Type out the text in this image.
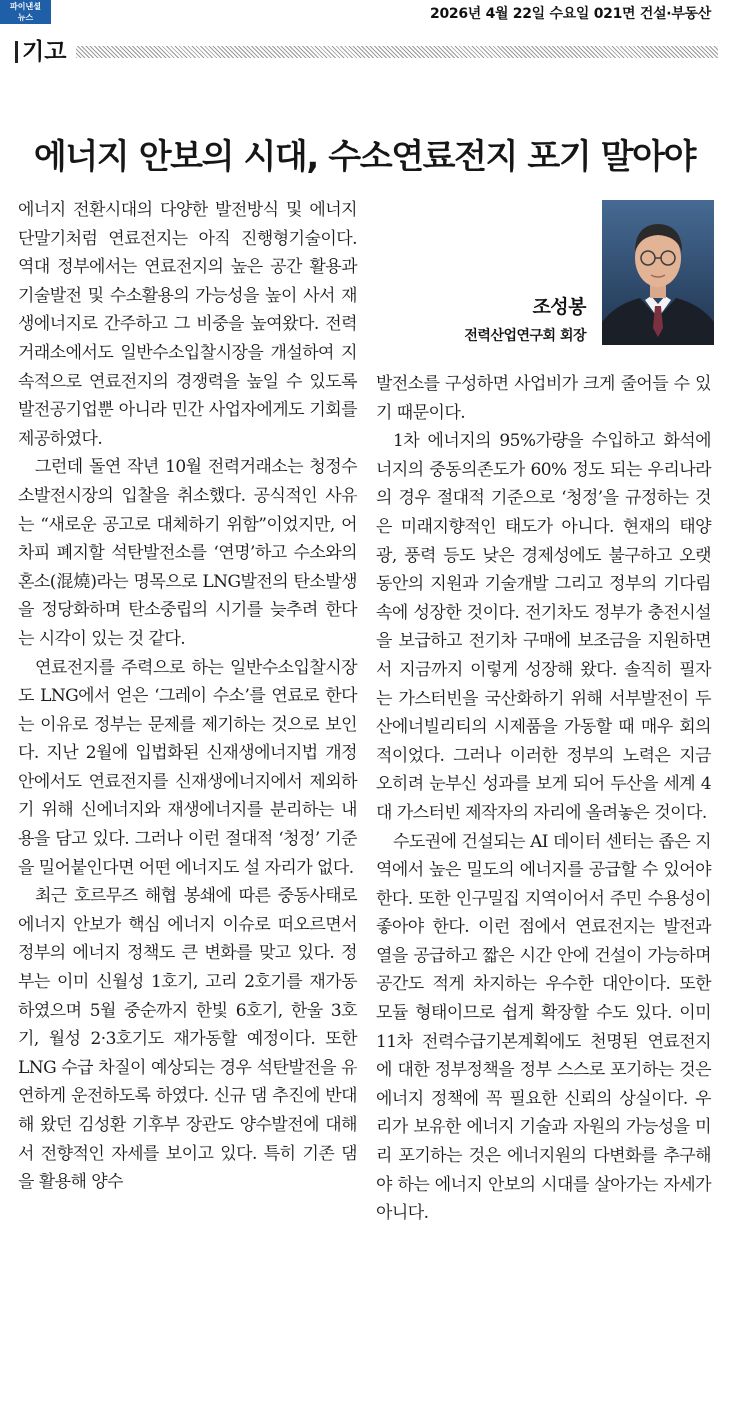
파이낸셜
뉴스	2026년 4월 22일 수요일 021면 건설·부동산
기고
에너지 안보의 시대, 수소연료전지 포기 말아야

에너지 전환시대의 다양한 발전방식 및 에너지 단말기처럼 연료전지는 아직 진행형기술이다. 역대 정부에서는 연료전지의 높은 공간 활용과 기술발전 및 수소활용의 가능성을 높이 사서 재생에너지로 간주하고 그 비중을 높여왔다. 전력거래소에서도 일반수소입찰시장을 개설하여 지속적으로 연료전지의 경쟁력을 높일 수 있도록 발전공기업뿐 아니라 민간 사업자에게도 기회를 제공하였다.

그런데 돌연 작년 10월 전력거래소는 청정수소발전시장의 입찰을 취소했다. 공식적인 사유는 “새로운 공고로 대체하기 위함”이었지만, 어차피 폐지할 석탄발전소를 ‘연명’하고 수소와의 혼소(混燒)라는 명목으로 LNG발전의 탄소발생을 정당화하며 탄소중립의 시기를 늦추려 한다는 시각이 있는 것 같다.

연료전지를 주력으로 하는 일반수소입찰시장도 LNG에서 얻은 ‘그레이 수소’를 연료로 한다는 이유로 정부는 문제를 제기하는 것으로 보인다. 지난 2월에 입법화된 신재생에너지법 개정안에서도 연료전지를 신재생에너지에서 제외하기 위해 신에너지와 재생에너지를 분리하는 내용을 담고 있다. 그러나 이런 절대적 ‘청정’ 기준을 밀어붙인다면 어떤 에너지도 설 자리가 없다.

최근 호르무즈 해협 봉쇄에 따른 중동사태로 에너지 안보가 핵심 에너지 이슈로 떠오르면서 정부의 에너지 정책도 큰 변화를 맞고 있다. 정부는 이미 신월성 1호기, 고리 2호기를 재가동하였으며 5월 중순까지 한빛 6호기, 한울 3호기, 월성 2·3호기도 재가동할 예정이다. 또한 LNG 수급 차질이 예상되는 경우 석탄발전을 유연하게 운전하도록 하였다. 신규 댐 추진에 반대해 왔던 김성환 기후부 장관도 양수발전에 대해서 전향적인 자세를 보이고 있다. 특히 기존 댐을 활용해 양수

조성봉
전력산업연구회 회장

발전소를 구성하면 사업비가 크게 줄어들 수 있기 때문이다.

1차 에너지의 95%가량을 수입하고 화석에너지의 중동의존도가 60% 정도 되는 우리나라의 경우 절대적 기준으로 ‘청정’을 규정하는 것은 미래지향적인 태도가 아니다. 현재의 태양광, 풍력 등도 낮은 경제성에도 불구하고 오랫동안의 지원과 기술개발 그리고 정부의 기다림 속에 성장한 것이다. 전기차도 정부가 충전시설을 보급하고 전기차 구매에 보조금을 지원하면서 지금까지 이렇게 성장해 왔다. 솔직히 필자는 가스터빈을 국산화하기 위해 서부발전이 두산에너빌리티의 시제품을 가동할 때 매우 회의적이었다. 그러나 이러한 정부의 노력은 지금 오히려 눈부신 성과를 보게 되어 두산을 세계 4대 가스터빈 제작자의 자리에 올려놓은 것이다.

수도권에 건설되는 AI 데이터 센터는 좁은 지역에서 높은 밀도의 에너지를 공급할 수 있어야 한다. 또한 인구밀집 지역이어서 주민 수용성이 좋아야 한다. 이런 점에서 연료전지는 발전과 열을 공급하고 짧은 시간 안에 건설이 가능하며 공간도 적게 차지하는 우수한 대안이다. 또한 모듈 형태이므로 쉽게 확장할 수도 있다. 이미 11차 전력수급기본계획에도 천명된 연료전지에 대한 정부정책을 정부 스스로 포기하는 것은 에너지 정책에 꼭 필요한 신뢰의 상실이다. 우리가 보유한 에너지 기술과 자원의 가능성을 미리 포기하는 것은 에너지원의 다변화를 추구해야 하는 에너지 안보의 시대를 살아가는 자세가 아니다.
